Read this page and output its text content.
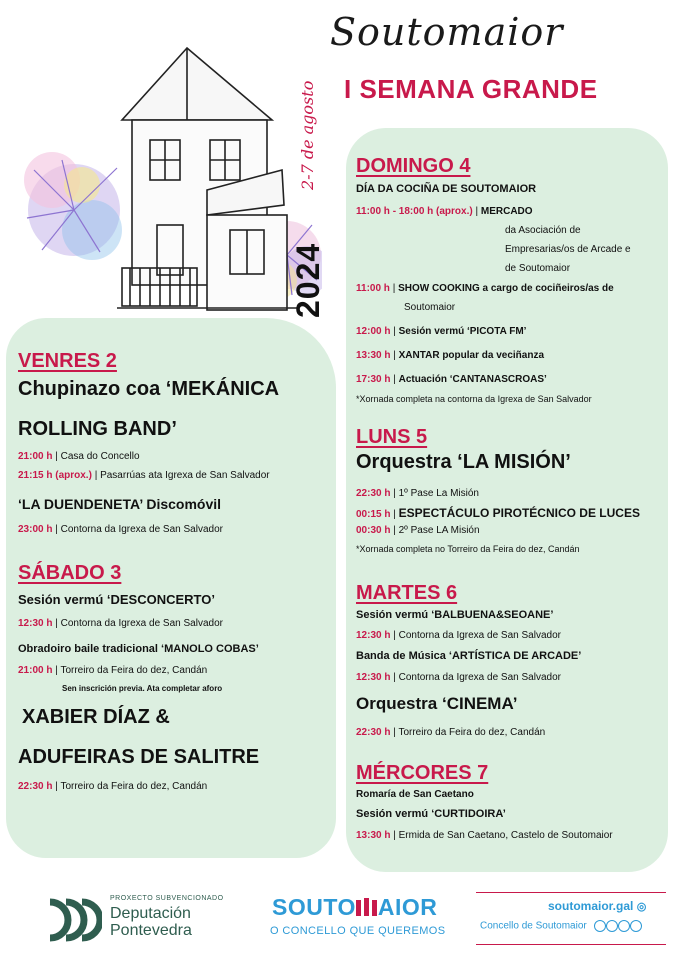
Soutomaior
I SEMANA GRANDE
2-7 de agosto
2024
VENRES 2
Chupinazo coa ‘MEKÁNICA
ROLLING BAND’
21:00 h | Casa do Concello
21:15 h (aprox.) | Pasarrúas ata Igrexa de San Salvador
‘LA DUENDENETA’ Discomóvil
23:00 h | Contorna da Igrexa de San Salvador
SÁBADO 3
Sesión vermú ‘DESCONCERTO’
12:30 h | Contorna da Igrexa de San Salvador
Obradoiro baile tradicional ‘MANOLO COBAS’
21:00 h | Torreiro da Feira do dez, Candán
Sen inscrición previa. Ata completar aforo
XABIER DÍAZ &
ADUFEIRAS DE SALITRE
22:30 h | Torreiro da Feira do dez, Candán
DOMINGO 4
DÍA DA COCIÑA DE SOUTOMAIOR
11:00 h - 18:00 h (aprox.) | MERCADO
da Asociación de
Empresarias/os de Arcade e
de Soutomaior
11:00 h | SHOW COOKING a cargo de cociñeiros/as de
Soutomaior
12:00 h | Sesión vermú ‘PICOTA FM’
13:30 h | XANTAR popular da veciñanza
17:30 h | Actuación ‘CANTANASCROAS’
*Xornada completa na contorna da Igrexa de San Salvador
LUNS 5
Orquestra ‘LA MISIÓN’
22:30 h | 1º Pase La Misión
00:15 h | ESPECTÁCULO PIROTÉCNICO DE LUCES
00:30 h | 2º Pase LA Misión
*Xornada completa no Torreiro da Feira do dez, Candán
MARTES 6
Sesión vermú ‘BALBUENA&SEOANE’
12:30 h | Contorna da Igrexa de San Salvador
Banda de Música ‘ARTÍSTICA DE ARCADE’
12:30 h | Contorna da Igrexa de San Salvador
Orquestra ‘CINEMA’
22:30 h | Torreiro da Feira do dez, Candán
MÉRCORES 7
Romaría de San Caetano
Sesión vermú ‘CURTIDOIRA’
13:30 h | Ermida de San Caetano, Castelo de Soutomaior
PROXECTO SUBVENCIONADO
Deputación
Pontevedra
SOUTO AIOR
O CONCELLO QUE QUEREMOS
soutomaior.gal ◎
Concello de Soutomaior
